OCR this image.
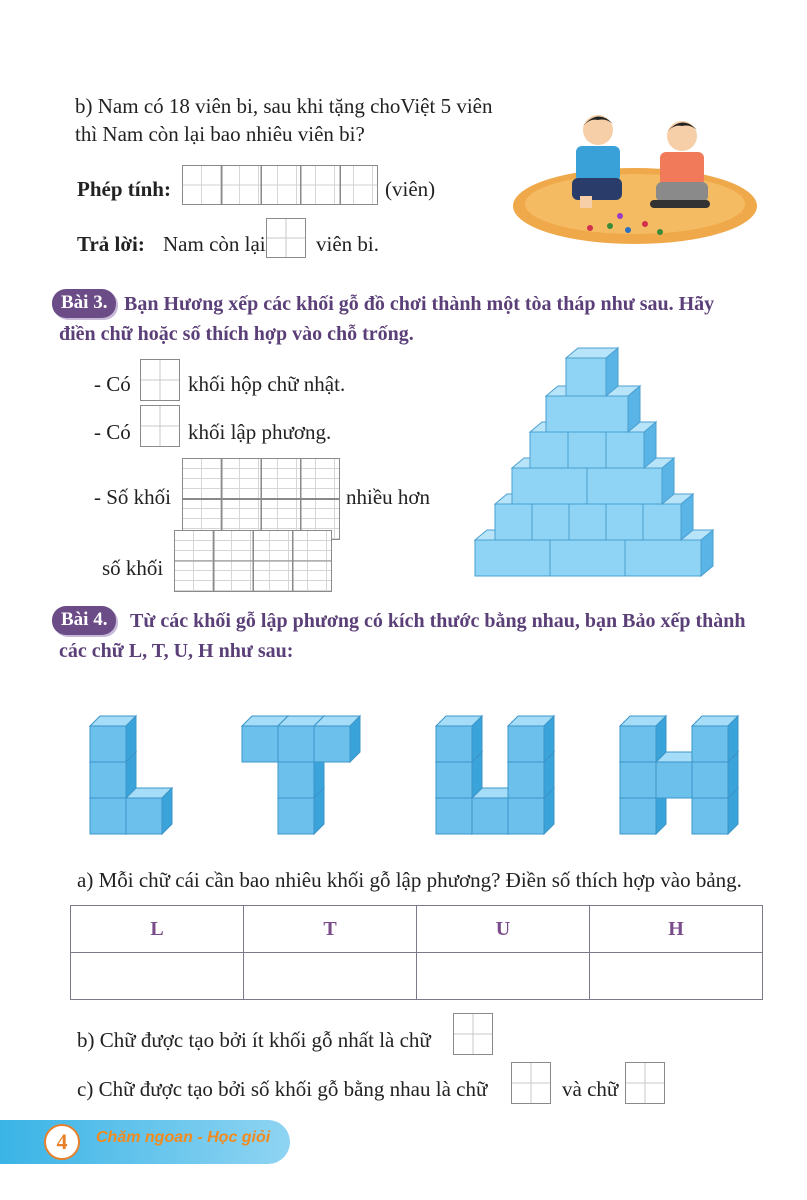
b) Nam có 18 viên bi, sau khi tặng choViệt 5 viên
thì Nam còn lại bao nhiêu viên bi?
Phép tính:	(viên)
Trả lời: Nam còn lại viên bi.
Bài 3. Bạn Hương xếp các khối gỗ đồ chơi thành một tòa tháp như sau. Hãy
điền chữ hoặc số thích hợp vào chỗ trống.
- Có	khối hộp chữ nhật.
- Có	khối lập phương.
- Số khối	nhiều hơn
số khối
Bài 4.	Từ các khối gỗ lập phương có kích thước bằng nhau, bạn Bảo xếp thành
các chữ L, T, U, H như sau:
a) Mỗi chữ cái cần bao nhiêu khối gỗ lập phương? Điền số thích hợp vào bảng.
L	T	U	H

b) Chữ được tạo bởi ít khối gỗ nhất là chữ
c) Chữ được tạo bởi số khối gỗ bằng nhau là chữ	và chữ
4	Chăm ngoan - Học giỏi
